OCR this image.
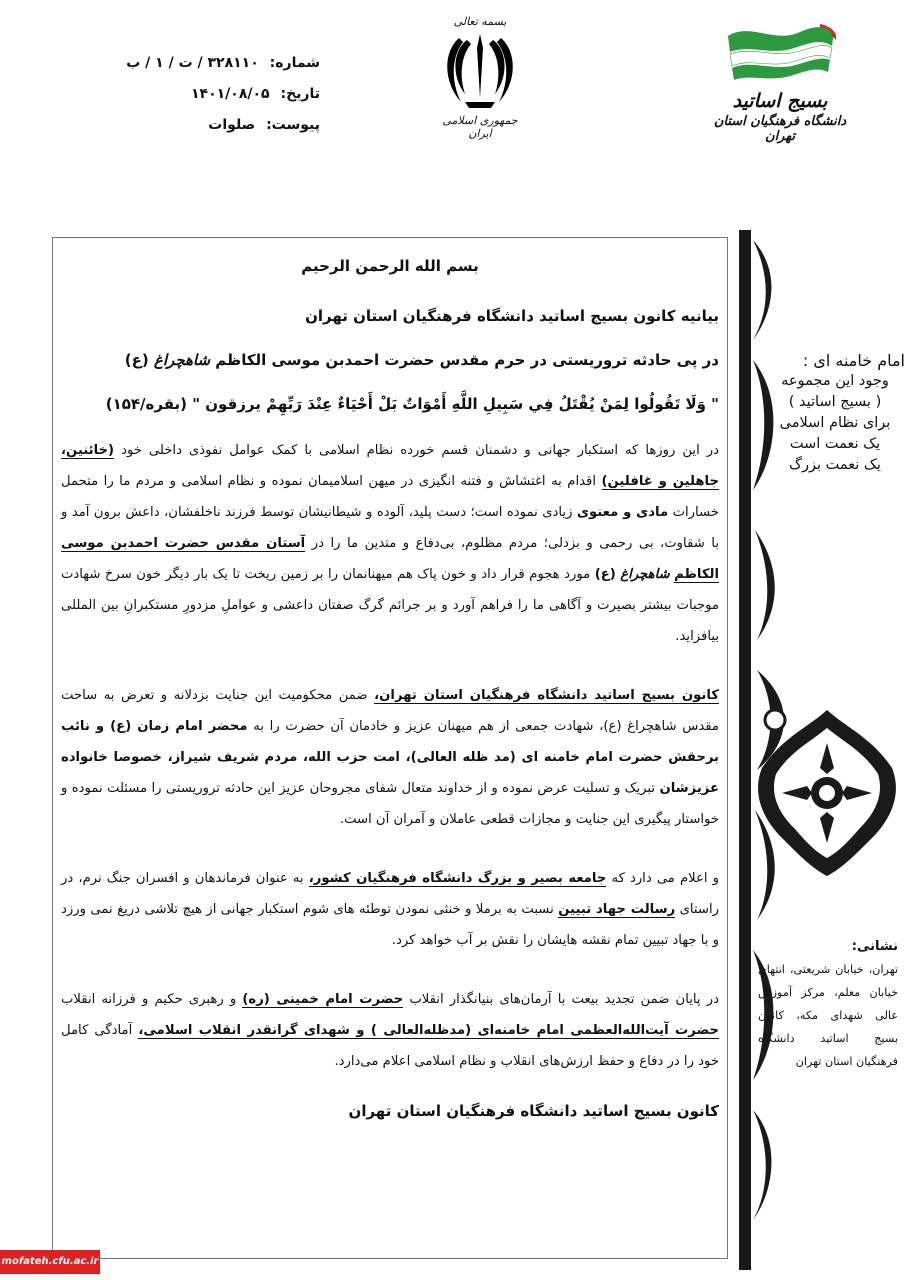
شماره: ۳۲۸۱۱۰ / ت / ۱ / ب
تاریخ: ۱۴۰۱/۰۸/۰۵
پیوست: صلوات
بسمه تعالی
جمهوری اسلامی ایران
بسیج اساتید
دانشگاه فرهنگیان استان تهران
بسم الله الرحمن الرحیم
بیانیه کانون بسیج اساتید دانشگاه فرهنگیان استان تهران
در پی حادثه تروریستی در حرم مقدس حضرت احمدبن موسی الکاظم شاهچراغ (ع)
" وَلَا تَقُولُوا لِمَنْ يُقْتَلُ فِي سَبِيلِ اللَّهِ أَمْوَاتٌ بَلْ أَحْيَاءٌ عِنْدَ رَبِّهِمْ يرزقون " (بقره/۱۵۴)
در این روزها که استکبار جهانی و دشمنان قسم خورده نظام اسلامی با کمک عوامل نفوذی داخلی خود (خائنین، جاهلین و غافلین) اقدام به اغتشاش و فتنه انگیزی در میهن اسلامیمان نموده و نظام اسلامی و مردم ما را متحمل خسارات مادی و معنوی زیادی نموده است؛ دست پلید، آلوده و شیطانیشان توسط فرزند ناخلفشان، داعش برون آمد و با شقاوت، بی رحمی و بزدلی؛ مردم مظلوم، بی‌دفاع و متدین ما را در آستان مقدس حضرت احمدبن موسی الکاظم شاهچراغ (ع) مورد هجوم قرار داد و خون پاک هم میهنانمان را بر زمین ریخت تا یک بار دیگر خون سرخ شهادت موجبات بیشتر بصیرت و آگاهی ما را فراهم آورد و بر جرائم گرگ صفتان داعشی و عواملِ مزدورِ مستکبرانِ بین المللی بیافزاید.
کانون بسیج اساتید دانشگاه فرهنگیان استان تهران، ضمن محکومیت این جنایت بزدلانه و تعرض به ساحت مقدس شاهچراغ (ع)، شهادت جمعی از هم میهنان عزیز و خادمان آن حضرت را به محضر امام زمان (ع) و نائب برحقش حضرت امام خامنه ای (مد ظله العالی)، امت حزب الله، مردم شریف شیراز، خصوصا خانواده عزیزشان تبریک و تسلیت عرض نموده و از خداوند متعال شفای مجروحان عزیز این حادثه تروریستی را مسئلت نموده و خواستار پیگیری این جنایت و مجازات قطعی عاملان و آمران آن است.
و اعلام می دارد که جامعه بصیر و بزرگ دانشگاه فرهنگیان کشور، به عنوان فرماندهان و افسران جنگ نرم، در راستای رسالت جهاد تبیین نسبت به برملا و خنثی نمودن توطئه های شوم استکبار جهانی از هیچ تلاشی دریغ نمی ورزد و با جهاد تبیین تمام نقشه هایشان را نقش بر آب خواهد کرد.
در پایان ضمن تجدید بیعت با آرمان‌های بنیانگذار انقلاب حضرت امام خمینی (ره) و رهبری حکیم و فرزانه انقلاب حضرت آیت‌الله‌العظمی امام خامنه‌ای (مدظله‌العالی ) و شهدای گرانقدر انقلاب اسلامی، آمادگی کامل خود را در دفاع و حفظ ارزش‌های انقلاب و نظام اسلامی اعلام می‌دارد.
کانون بسیج اساتید دانشگاه فرهنگیان استان تهران
امام خامنه ای :
وجود این مجموعه
( بسیج اساتید )
برای نظام اسلامی
یک نعمت است
یک نعمت بزرگ
نشانی:
تهران، خیابان شریعتی، انتهای خیابان معلم، مرکز آموزش عالی شهدای مکه، کانون بسیج اساتید دانشگاه فرهنگیان استان تهران
mofateh.cfu.ac.ir
